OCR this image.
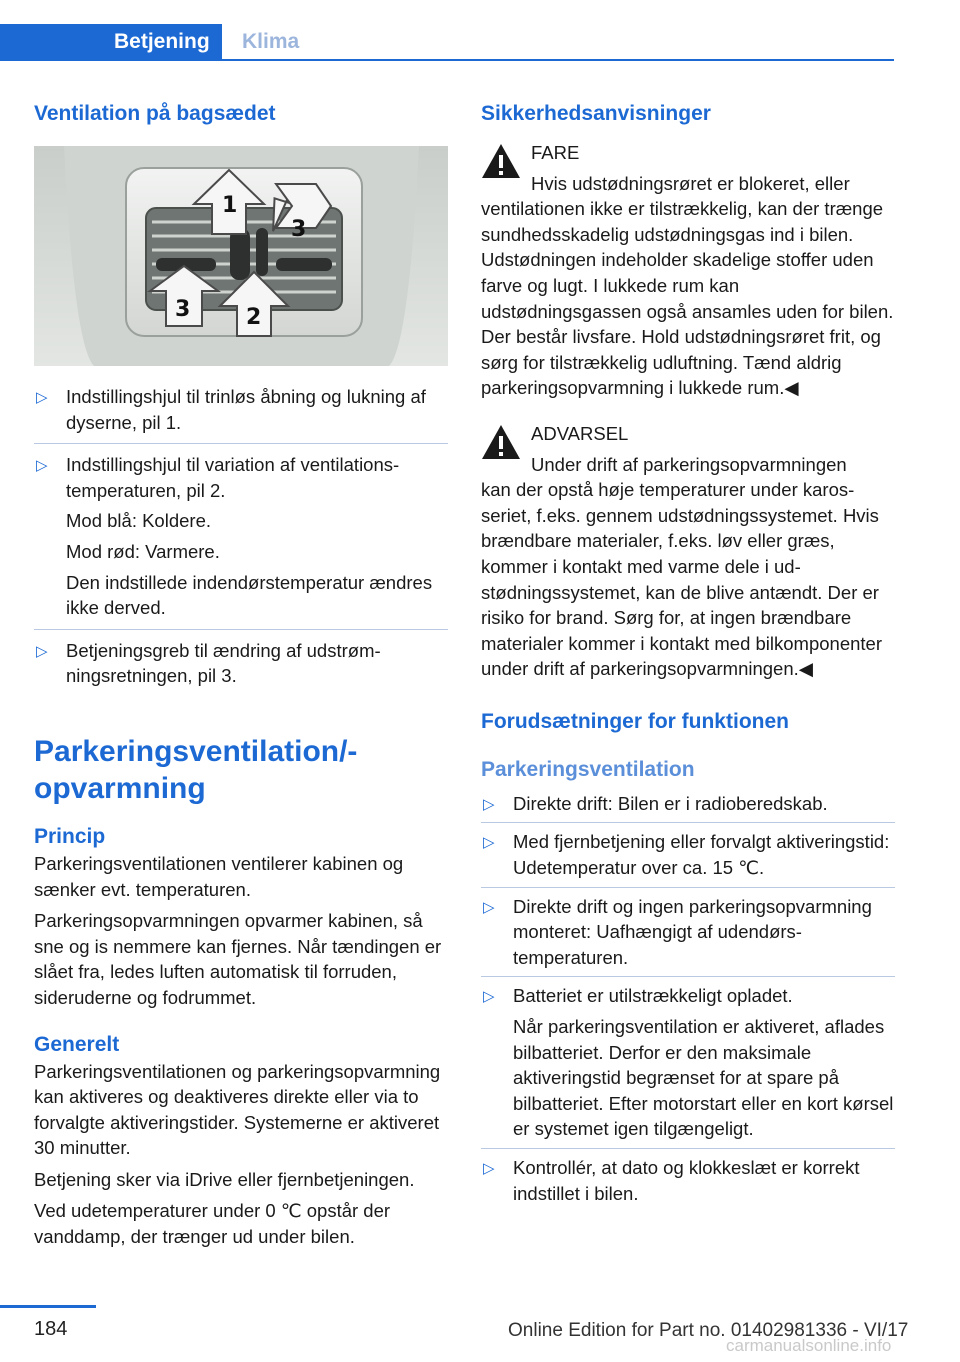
Betjening	Klima
Ventilation på bagsædet
1
3
3	2
▷ Indstillingshjul til trinløs åbning og lukning af dyserne, pil 1.
▷ Indstillingshjul til variation af ventilationstemperaturen, pil 2.
Mod blå: Koldere.
Mod rød: Varmere.
Den indstillede indendørstemperatur ændres ikke derved.
▷ Betjeningsgreb til ændring af udstrømningsretningen, pil 3.
Parkeringsventilation/-opvarmning
Princip

Parkeringsventilationen ventilerer kabinen og sænker evt. temperaturen.

Parkeringsopvarmningen opvarmer kabinen, så sne og is nemmere kan fjernes. Når tændingen er slået fra, ledes luften automatisk til forruden, sideruderne og fodrummet.

Generelt

Parkeringsventilationen og parkeringsopvarmning kan aktiveres og deaktiveres direkte eller via to forvalgte aktiveringstider. Systemerne er aktiveret 30 minutter.

Betjening sker via iDrive eller fjernbetjeningen.

Ved udetemperaturer under 0 ℃ opstår der vanddamp, der trænger ud under bilen.

Sikkerhedsanvisninger

FARE

Hvis udstødningsrøret er blokeret, eller

ventilationen ikke er tilstrækkelig, kan der trænge sundhedsskadelig udstødningsgas ind i bilen. Udstødningen indeholder skadelige stoffer uden farve og lugt. I lukkede rum kan udstødningsgassen også ansamles uden for bilen. Der består livsfare. Hold udstødningsrøret frit, og sørg for tilstrækkelig udluftning. Tænd aldrig parkeringsopvarmning i lukkede rum.◀

ADVARSEL

Under drift af parkeringsopvarmningen

kan der opstå høje temperaturer under karosseriet, f.eks. gennem udstødningssystemet. Hvis brændbare materialer, f.eks. løv eller græs, kommer i kontakt med varme dele i udstødningssystemet, kan de blive antændt. Der er risiko for brand. Sørg for, at ingen brændbare materialer kommer i kontakt med bilkomponenter under drift af parkeringsopvarmningen.◀

Forudsætninger for funktionen
Parkeringsventilation
▷ Direkte drift: Bilen er i radioberedskab.
▷ Med fjernbetjening eller forvalgt aktiveringstid: Udetemperatur over ca. 15 ℃.
▷ Direkte drift og ingen parkeringsopvarmning monteret: Uafhængigt af udendørstemperaturen.
▷ Batteriet er utilstrækkeligt opladet.
Når parkeringsventilation er aktiveret, aflades bilbatteriet. Derfor er den maksimale aktiveringstid begrænset for at spare på bilbatteriet. Efter motorstart eller en kort kørsel er systemet igen tilgængeligt.
▷ Kontrollér, at dato og klokkeslæt er korrekt indstillet i bilen.
184	Online Edition for Part no. 01402981336 - VI/17
carmanualsonline.info
